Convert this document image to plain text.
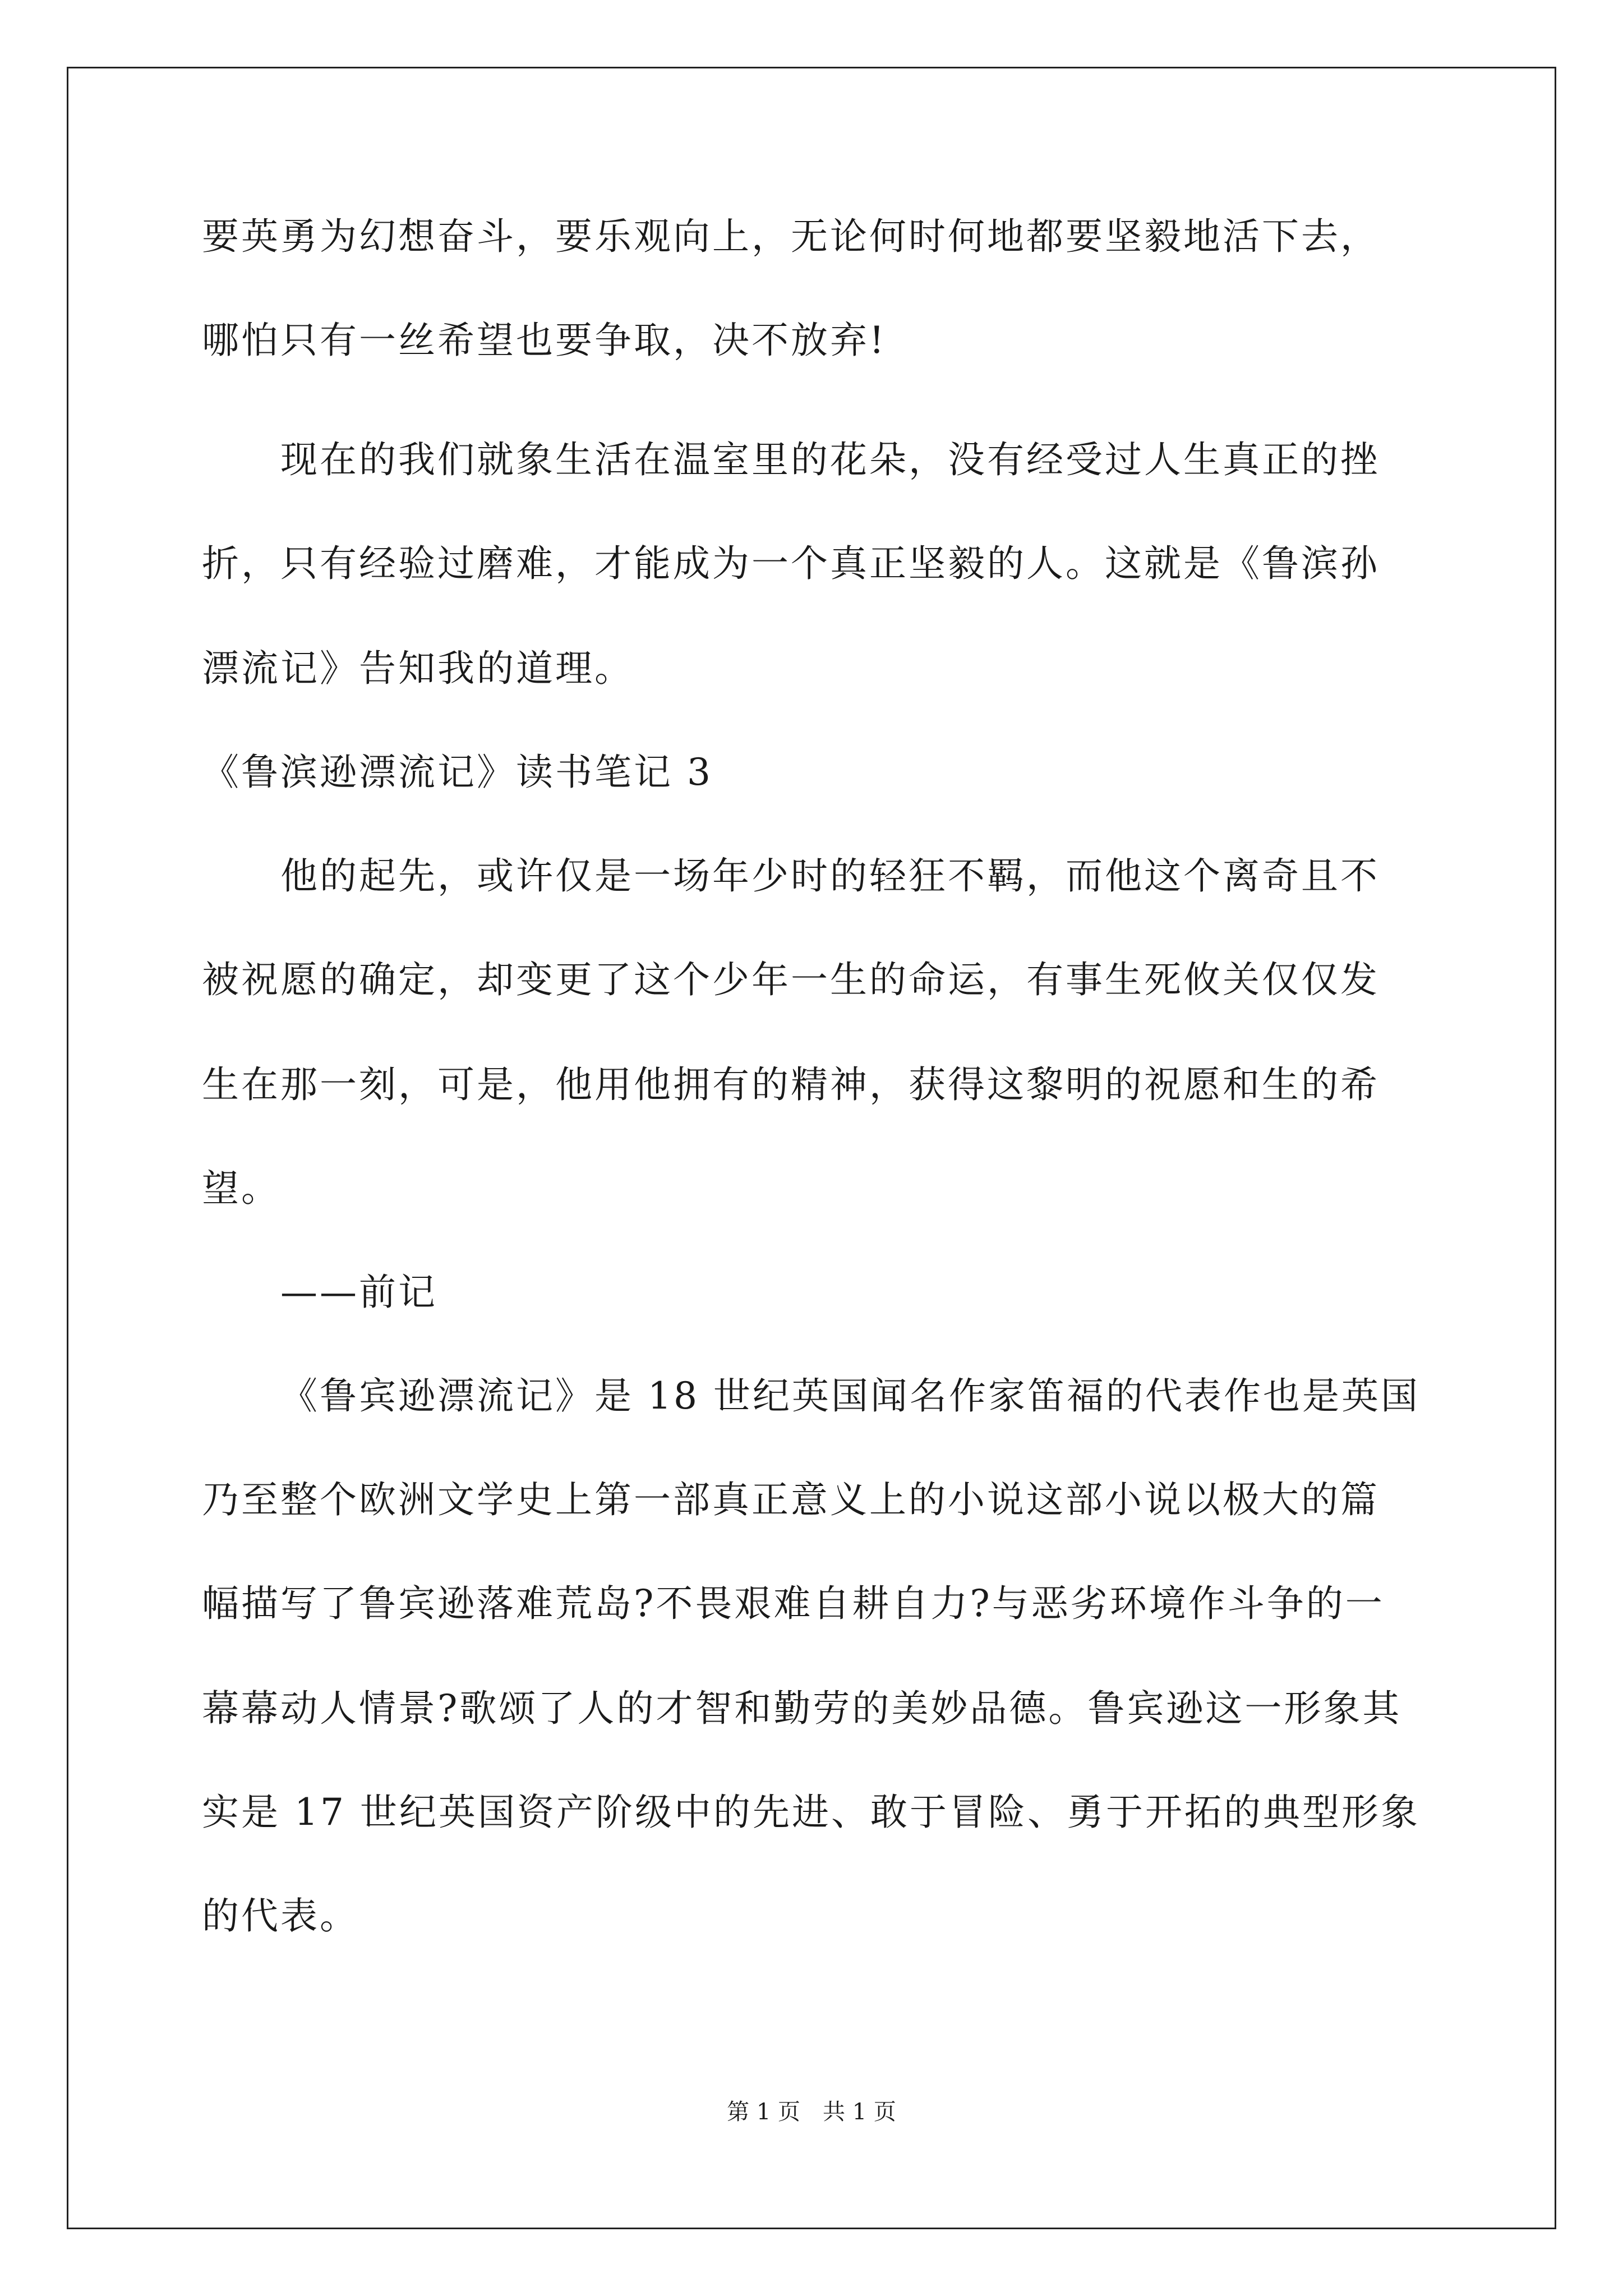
要英勇为幻想奋斗，要乐观向上，无论何时何地都要坚毅地活下去，
哪怕只有一丝希望也要争取，决不放弃!
现在的我们就象生活在温室里的花朵，没有经受过人生真正的挫
折，只有经验过磨难，才能成为一个真正坚毅的人。这就是《鲁滨孙
漂流记》告知我的道理。
《鲁滨逊漂流记》读书笔记 3
他的起先，或许仅是一场年少时的轻狂不羁，而他这个离奇且不
被祝愿的确定，却变更了这个少年一生的命运，有事生死攸关仅仅发
生在那一刻，可是，他用他拥有的精神，获得这黎明的祝愿和生的希
望。
——前记
《鲁宾逊漂流记》是 18 世纪英国闻名作家笛福的代表作也是英国
乃至整个欧洲文学史上第一部真正意义上的小说这部小说以极大的篇
幅描写了鲁宾逊落难荒岛?不畏艰难自耕自力?与恶劣环境作斗争的一
幕幕动人情景?歌颂了人的才智和勤劳的美妙品德。鲁宾逊这一形象其
实是 17 世纪英国资产阶级中的先进、敢于冒险、勇于开拓的典型形象
的代表。
第 1 页　共 1 页
